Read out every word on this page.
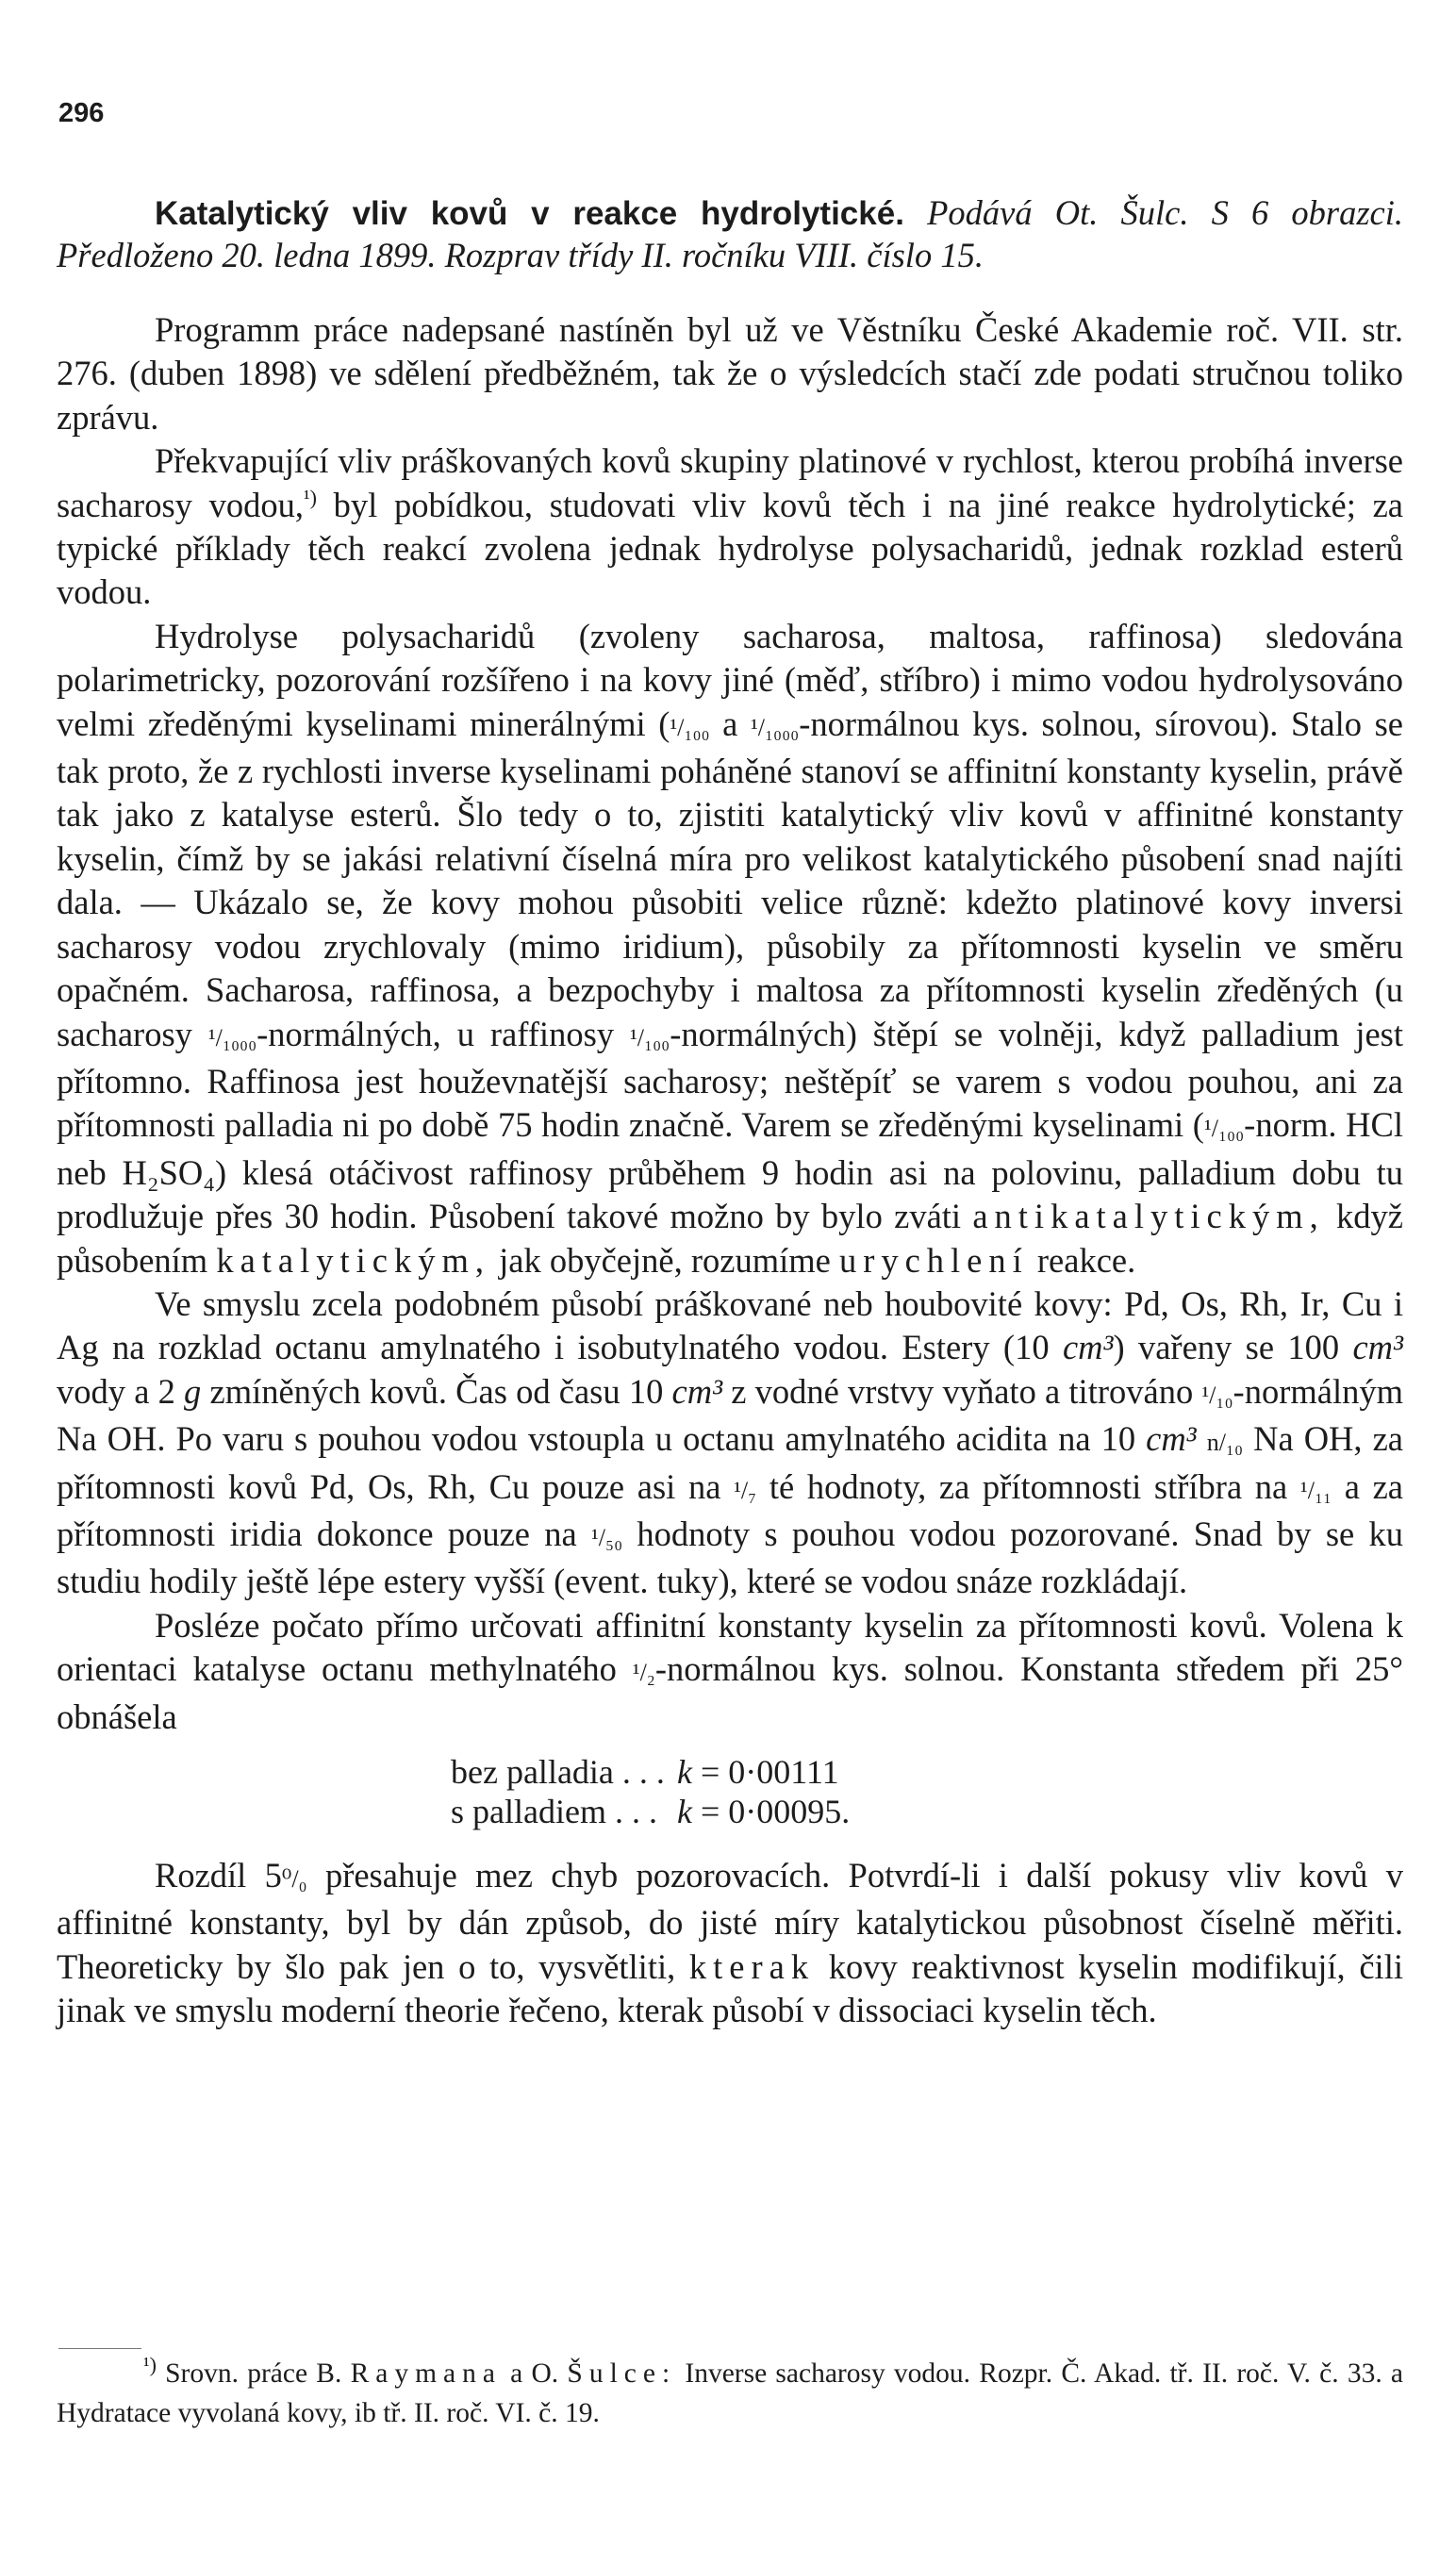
296

Katalytický vliv kovů v reakce hydrolytické. Podává Ot. Šulc. S 6 obrazci. Předloženo 20. ledna 1899. Rozprav třídy II. ročníku VIII. číslo 15.

Programm práce nadepsané nastíněn byl už ve Věstníku České Akademie roč. VII. str. 276. (duben 1898) ve sdělení předběžném, tak že o výsledcích stačí zde podati stručnou toliko zprávu.

Překvapující vliv práškovaných kovů skupiny platinové v rychlost, kterou probíhá inverse sacharosy vodou,$^{^1)}$ byl pobídkou, studovati vliv kovů těch i na jiné reakce hydrolytické; za typické příklady těch reakcí zvolena jednak hydrolyse polysacharidů, jednak rozklad esterů vodou.

Hydrolyse polysacharidů (zvoleny sacharosa, maltosa, raffinosa) sledována polarimetricky, pozorování rozšířeno i na kovy jiné (měď, stříbro) i mimo vodou hydrolysováno velmi zředěnými kyselinami minerálnými (¹/₁₀₀ a ¹/₁₀₀₀-normálnou kys. solnou, sírovou). Stalo se tak proto, že z rychlosti inverse kyselinami poháněné stanoví se affinitní konstanty kyselin, právě tak jako z katalyse esterů. Šlo tedy o to, zjistiti katalytický vliv kovů v affinitné konstanty kyselin, čímž by se jakási relativní číselná míra pro velikost katalytického působení snad najíti dala. — Ukázalo se, že kovy mohou působiti velice různě: kdežto platinové kovy inversi sacharosy vodou zrychlovaly (mimo iridium), působily za přítomnosti kyselin ve směru opačném. Sacharosa, raffinosa, a bezpochyby i maltosa za přítomnosti kyselin zředěných (u sacharosy ¹/₁₀₀₀-normálných, u raffinosy ¹/₁₀₀-normálných) štěpí se volněji, když palladium jest přítomno. Raffinosa jest houževnatější sacharosy; neštěpíť se varem s vodou pouhou, ani za přítomnosti palladia ni po době 75 hodin značně. Varem se zředěnými kyselinami (¹/₁₀₀-norm. HCl neb H₂SO₄) klesá otáčivost raffinosy průběhem 9 hodin asi na polovinu, palladium dobu tu prodlužuje přes 30 hodin. Působení takové možno by bylo zváti antikatalytickým, když působením katalytickým, jak obyčejně, rozumíme urychlení reakce.

Ve smyslu zcela podobném působí práškované neb houbovité kovy: Pd, Os, Rh, Ir, Cu i Ag na rozklad octanu amylnatého i isobutylnatého vodou. Estery (10 cm³) vařeny se 100 cm³ vody a 2 g zmíněných kovů. Čas od času 10 cm³ z vodné vrstvy vyňato a titrováno ¹/₁₀-normálným Na OH. Po varu s pouhou vodou vstoupla u octanu amylnatého acidita na 10 cm³ n/₁₀ Na OH, za přítomnosti kovů Pd, Os, Rh, Cu pouze asi na ¹/₇ té hodnoty, za přítomnosti stříbra na ¹/₁₁ a za přítomnosti iridia dokonce pouze na ¹/₅₀ hodnoty s pouhou vodou pozorované. Snad by se ku studiu hodily ještě lépe estery vyšší (event. tuky), které se vodou snáze rozkládají.

Posléze počato přímo určovati affinitní konstanty kyselin za přítomnosti kovů. Volena k orientaci katalyse octanu methylnatého ¹/₂-normálnou kys. solnou. Konstanta středem při 25° obnášela

bez palladia . . . k = 0·00111
s palladiem . . . k = 0·00095.

Rozdíl 5⁰/₀ přesahuje mez chyb pozorovacích. Potvrdí-li i další pokusy vliv kovů v affinitné konstanty, byl by dán způsob, do jisté míry katalytickou působnost číselně měřiti. Theoreticky by šlo pak jen o to, vysvětliti, kterak kovy reaktivnost kyselin modifikují, čili jinak ve smyslu moderní theorie řečeno, kterak působí v dissociaci kyselin těch.

$^{^1)}$ Srovn. práce B. Raymana a O. Šulce: Inverse sacharosy vodou. Rozpr. Č. Akad. tř. II. roč. V. č. 33. a Hydratace vyvolaná kovy, ib tř. II. roč. VI. č. 19.
